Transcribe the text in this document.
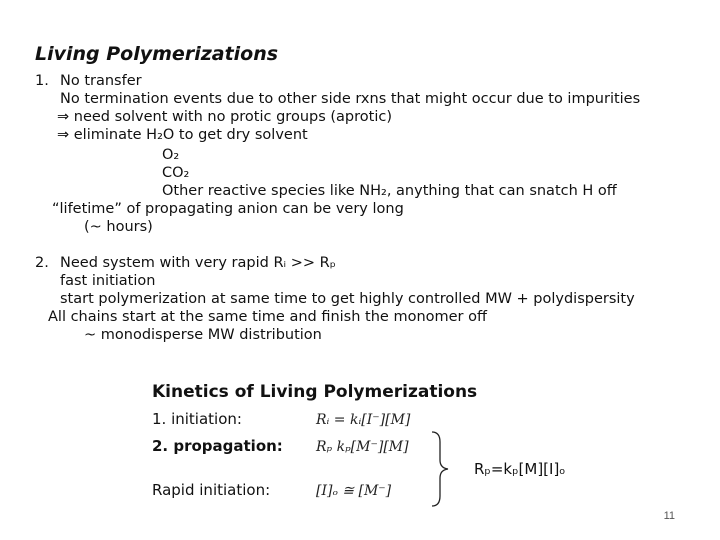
Living Polymerizations
1. No transfer
No termination events due to other side rxns that might occur due to impurities
⇒ need solvent with no protic groups (aprotic)
⇒ eliminate H₂O to get dry solvent
O₂
CO₂
Other reactive species like NH₂, anything that can snatch H off
“lifetime” of propagating anion can be very long
(~ hours)
2. Need system with very rapid Rᵢ >> Rₚ
fast initiation
start polymerization at same time to get highly controlled MW + polydispersity
All chains start at the same time and finish the monomer off
~ monodisperse MW distribution
Kinetics of Living Polymerizations
1. initiation:	Rᵢ = kᵢ[I⁻][M]
2. propagation: Rₚ kₚ[M⁻][M]
Rapid initiation:	[I]ₒ ≅ [M⁻]
Rₚ=kₚ[M][I]ₒ
11
